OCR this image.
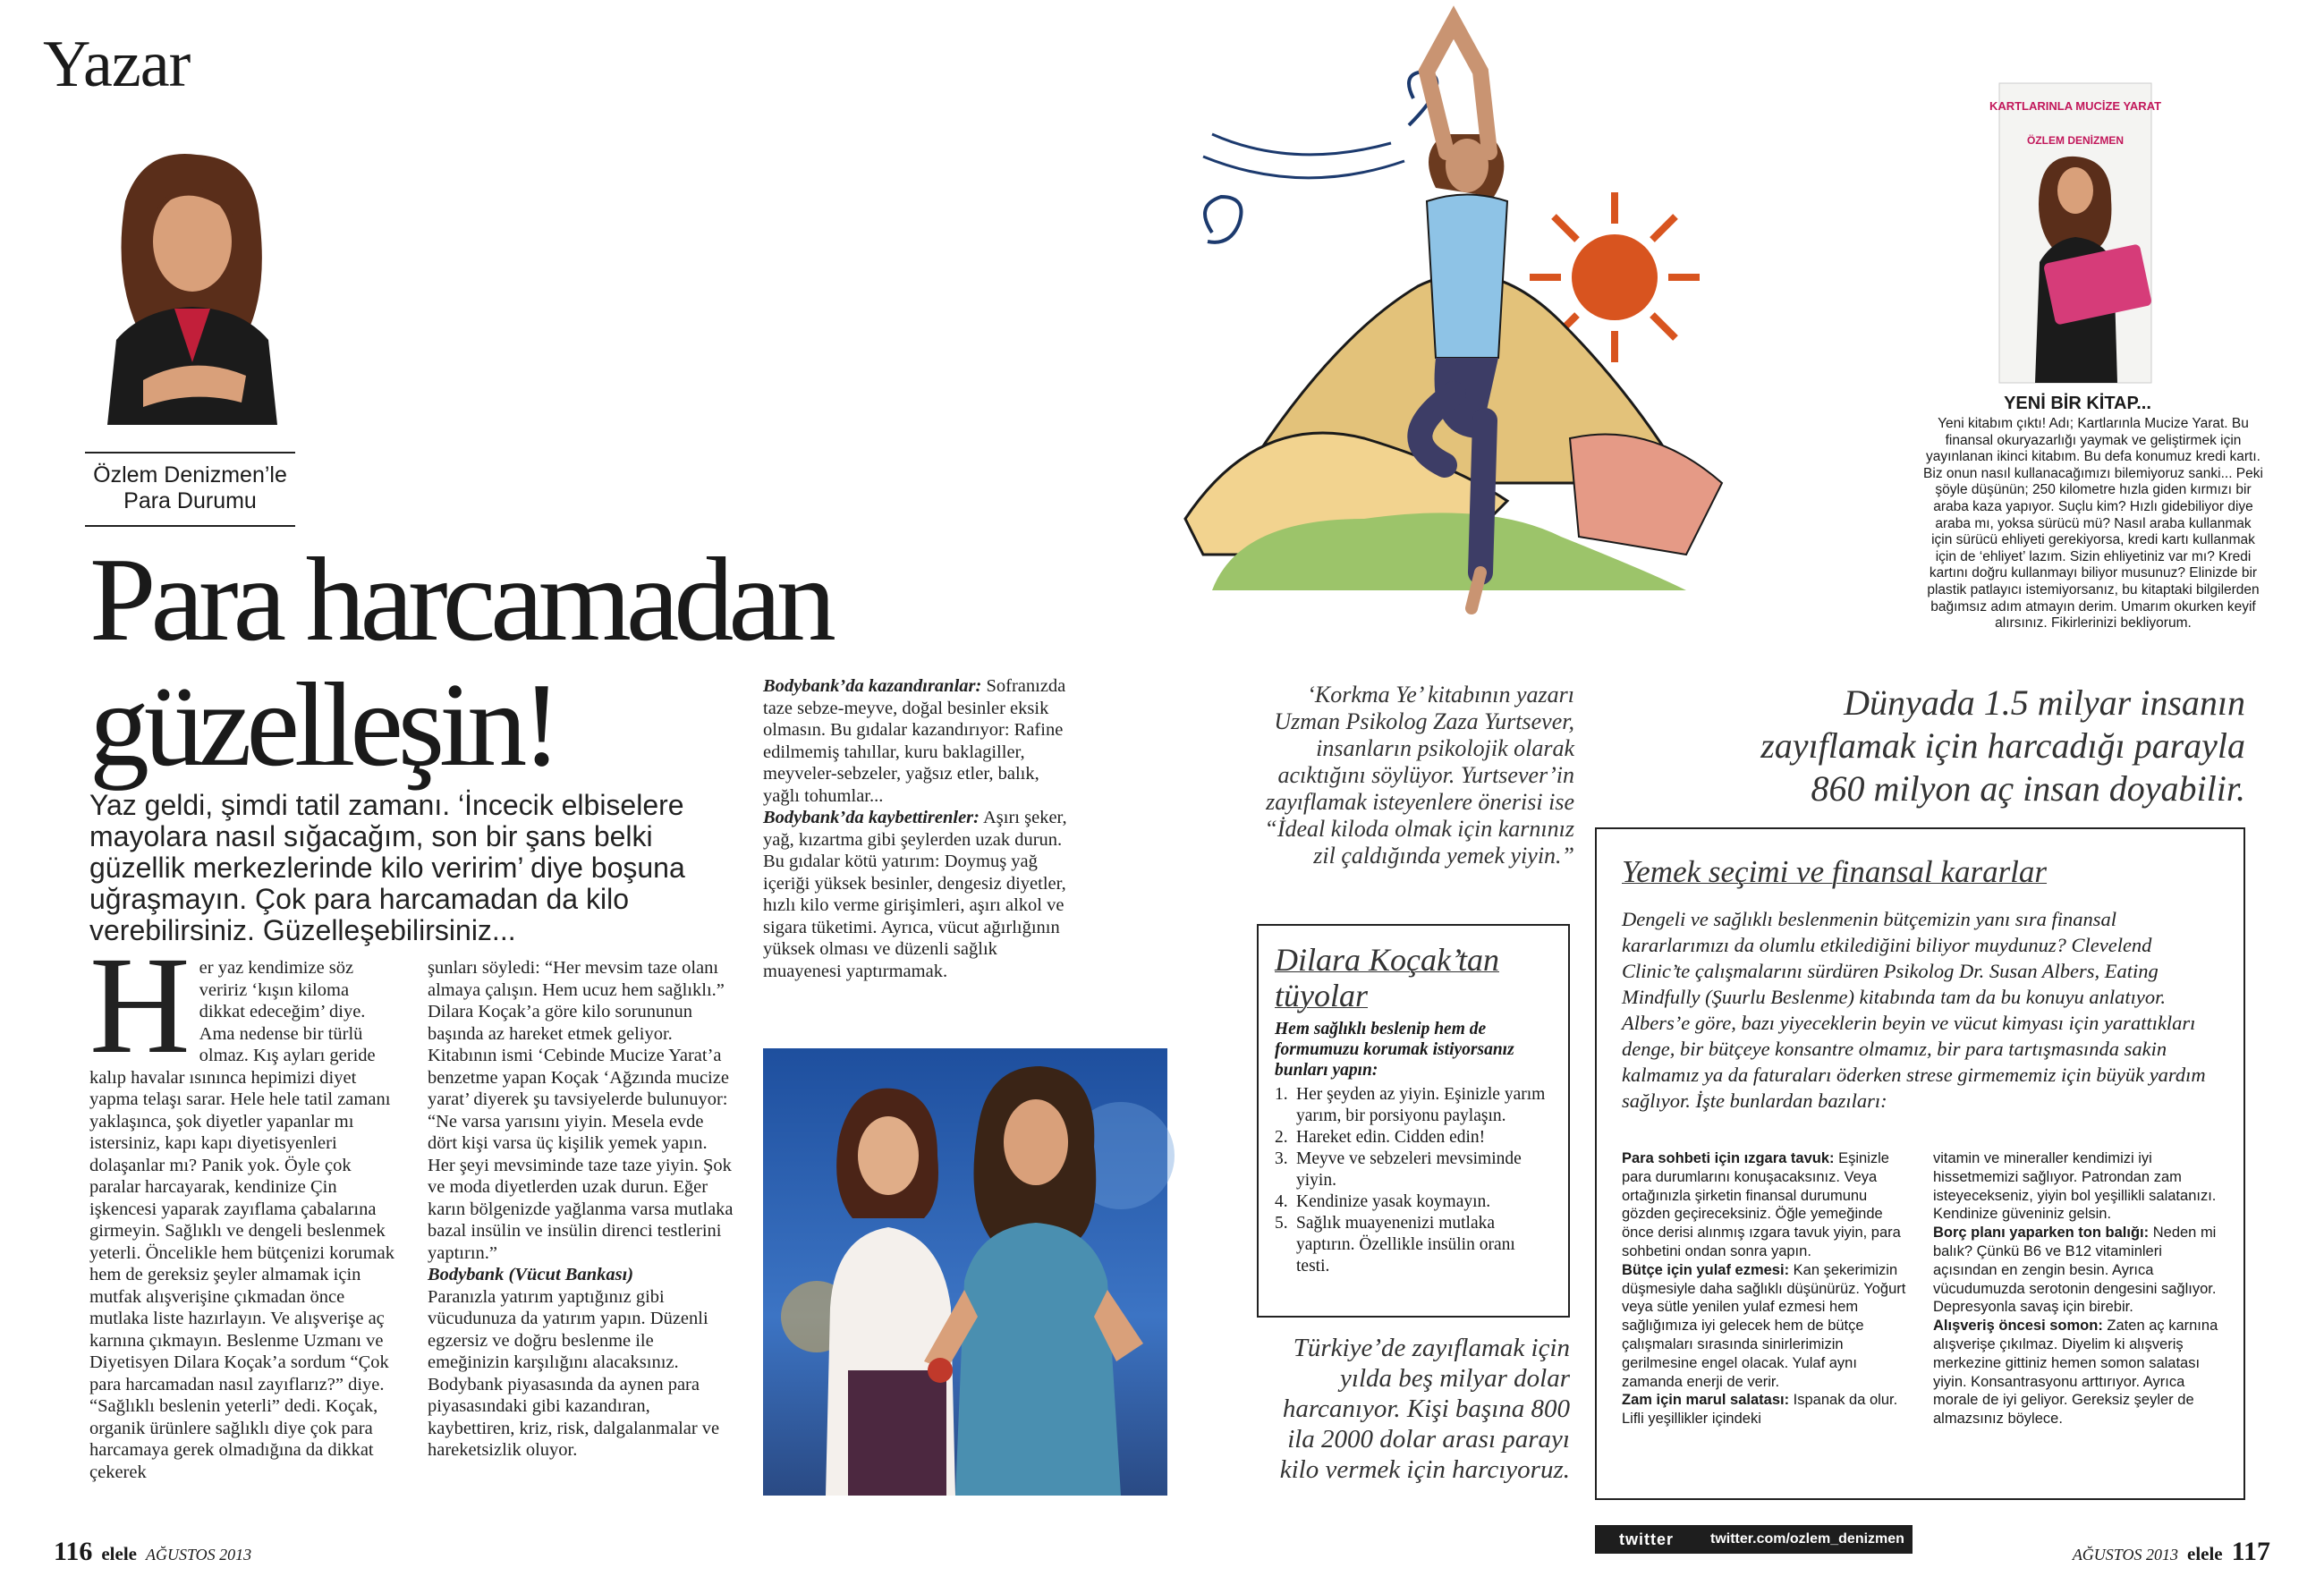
Yazar
Özlem Denizmen’le
Para Durumu
Para harcamadan
güzelleşin!
Yaz geldi, şimdi tatil zamanı. ‘İncecik elbiselere mayolara nasıl sığacağım, son bir şans belki güzellik merkezlerinde kilo veririm’ diye boşuna uğraşmayın. Çok para harcamadan da kilo verebilirsiniz. Güzelleşebilirsiniz...
H er yaz kendimize söz veririz ‘kışın kiloma dikkat edeceğim’ diye. Ama nedense bir türlü olmaz. Kış ayları geride kalıp havalar ısınınca hepimizi diyet yapma telaşı sarar. Hele hele tatil zamanı yaklaşınca, şok diyetler yapanlar mı istersiniz, kapı kapı diyetisyenleri dolaşanlar mı? Panik yok. Öyle çok paralar harcayarak, kendinize Çin işkencesi yaparak zayıflama çabalarına girmeyin. Sağlıklı ve dengeli beslenmek yeterli. Öncelikle hem bütçenizi korumak hem de gereksiz şeyler almamak için mutfak alışverişine çıkmadan önce mutlaka liste hazırlayın. Ve alışverişe aç karnına çıkmayın. Beslenme Uzmanı ve Diyetisyen Dilara Koçak’a sordum “Çok para harcamadan nasıl zayıflarız?” diye. “Sağlıklı beslenin yeterli” dedi. Koçak, organik ürünlere sağlıklı diye çok para harcamaya gerek olmadığına da dikkat çekerek

şunları söyledi: “Her mevsim taze olanı almaya çalışın. Hem ucuz hem sağlıklı.”

Dilara Koçak’a göre kilo sorununun başında az hareket etmek geliyor. Kitabının ismi ‘Cebinde Mucize Yarat’a benzetme yapan Koçak ‘Ağzında mucize yarat’ diyerek şu tavsiyelerde bulunuyor: “Ne varsa yarısını yiyin. Mesela evde dört kişi varsa üç kişilik yemek yapın. Her şeyi mevsiminde taze taze yiyin. Şok ve moda diyetlerden uzak durun. Eğer karın bölgenizde yağlanma varsa mutlaka bazal insülin ve insülin direnci testlerini yaptırın.”

Bodybank (Vücut Bankası)

Paranızla yatırım yaptığınız gibi vücudunuza da yatırım yapın. Düzenli egzersiz ve doğru beslenme ile emeğinizin karşılığını alacaksınız. Bodybank piyasasında da aynen para piyasasındaki gibi kazandıran, kaybettiren, kriz, risk, dalgalanmalar ve hareketsizlik oluyor.

Bodybank’da kazandıranlar: Sofranızda taze sebze-meyve, doğal besinler eksik olmasın. Bu gıdalar kazandırıyor: Rafine edilmemiş tahıllar, kuru baklagiller, meyveler-sebzeler, yağsız etler, balık, yağlı tohumlar...

Bodybank’da kaybettirenler: Aşırı şeker, yağ, kızartma gibi şeylerden uzak durun. Bu gıdalar kötü yatırım: Doymuş yağ içeriği yüksek besinler, dengesiz diyetler, hızlı kilo verme girişimleri, aşırı alkol ve sigara tüketimi. Ayrıca, vücut ağırlığının yüksek olması ve düzenli sağlık muayenesi yaptırmamak.

KARTLARINLA MUCİZE YARAT
ÖZLEM DENİZMEN
YENİ BİR KİTAP...
Yeni kitabım çıktı! Adı; Kartlarınla Mucize Yarat. Bu finansal okuryazarlığı yaymak ve geliştirmek için yayınlanan ikinci kitabım. Bu defa konumuz kredi kartı. Biz onun nasıl kullanacağımızı bilemiyoruz sanki... Peki şöyle düşünün; 250 kilometre hızla giden kırmızı bir araba kaza yapıyor. Suçlu kim? Hızlı gidebiliyor diye araba mı, yoksa sürücü mü? Nasıl araba kullanmak için sürücü ehliyeti gerekiyorsa, kredi kartı kullanmak için de ‘ehliyet’ lazım. Sizin ehliyetiniz var mı? Kredi kartını doğru kullanmayı biliyor musunuz? Elinizde bir plastik patlayıcı istemiyorsanız, bu kitaptaki bilgilerden bağımsız adım atmayın derim. Umarım okurken keyif alırsınız. Fikirlerinizi bekliyorum.
‘Korkma Ye’ kitabının yazarı Uzman Psikolog Zaza Yurtsever, insanların psikolojik olarak acıktığını söylüyor. Yurtsever’in zayıflamak isteyenlere önerisi ise “İdeal kiloda olmak için karnınız zil çaldığında yemek yiyin.”
Dünyada 1.5 milyar insanın zayıflamak için harcadığı parayla 860 milyon aç insan doyabilir.
Dilara Koçak’tan tüyolar
Hem sağlıklı beslenip hem de formumuzu korumak istiyorsanız bunları yapın:
1. Her şeyden az yiyin. Eşinizle yarım yarım, bir porsiyonu paylaşın.
2. Hareket edin. Cidden edin!
3. Meyve ve sebzeleri mevsiminde yiyin.
4. Kendinize yasak koymayın.
5. Sağlık muayenenizi mutlaka yaptırın. Özellikle insülin oranı testi.
Türkiye’de zayıflamak için yılda beş milyar dolar harcanıyor. Kişi başına 800 ila 2000 dolar arası parayı kilo vermek için harcıyoruz.
Yemek seçimi ve finansal kararlar
Dengeli ve sağlıklı beslenmenin bütçemizin yanı sıra finansal kararlarımızı da olumlu etkilediğini biliyor muydunuz? Clevelend Clinic’te çalışmalarını sürdüren Psikolog Dr. Susan Albers, Eating Mindfully (Şuurlu Beslenme) kitabında tam da bu konuyu anlatıyor. Albers’e göre, bazı yiyeceklerin beyin ve vücut kimyası için yarattıkları denge, bir bütçeye konsantre olmamız, bir para tartışmasında sakin kalmamız ya da faturaları öderken strese girmememiz için büyük yardım sağlıyor. İşte bunlardan bazıları:

Para sohbeti için ızgara tavuk: Eşinizle para durumlarını konuşacaksınız. Veya ortağınızla şirketin finansal durumunu gözden geçireceksiniz. Öğle yemeğinde önce derisi alınmış ızgara tavuk yiyin, para sohbetini ondan sonra yapın.

Bütçe için yulaf ezmesi: Kan şekerimizin düşmesiyle daha sağlıklı düşünürüz. Yoğurt veya sütle yenilen yulaf ezmesi hem sağlığımıza iyi gelecek hem de bütçe çalışmaları sırasında sinirlerimizin gerilmesine engel olacak. Yulaf aynı zamanda enerji de verir.

Zam için marul salatası: Ispanak da olur. Lifli yeşillikler içindeki

vitamin ve mineraller kendimizi iyi hissetmemizi sağlıyor. Patrondan zam isteyecekseniz, yiyin bol yeşillikli salatanızı. Kendinize güveniniz gelsin.

Borç planı yaparken ton balığı: Neden mi balık? Çünkü B6 ve B12 vitaminleri açısından en zengin besin. Ayrıca vücudumuzda serotonin dengesini sağlıyor. Depresyonla savaş için birebir.

Alışveriş öncesi somon: Zaten aç karnına alışverişe çıkılmaz. Diyelim ki alışveriş merkezine gittiniz hemen somon salatası yiyin. Konsantrasyonu arttırıyor. Ayrıca morale de iyi geliyor. Gereksiz şeyler de almazsınız böylece.

twitter	twitter.com/ozlem_denizmen
116 elele AĞUSTOS 2013	AĞUSTOS 2013 elele 117
